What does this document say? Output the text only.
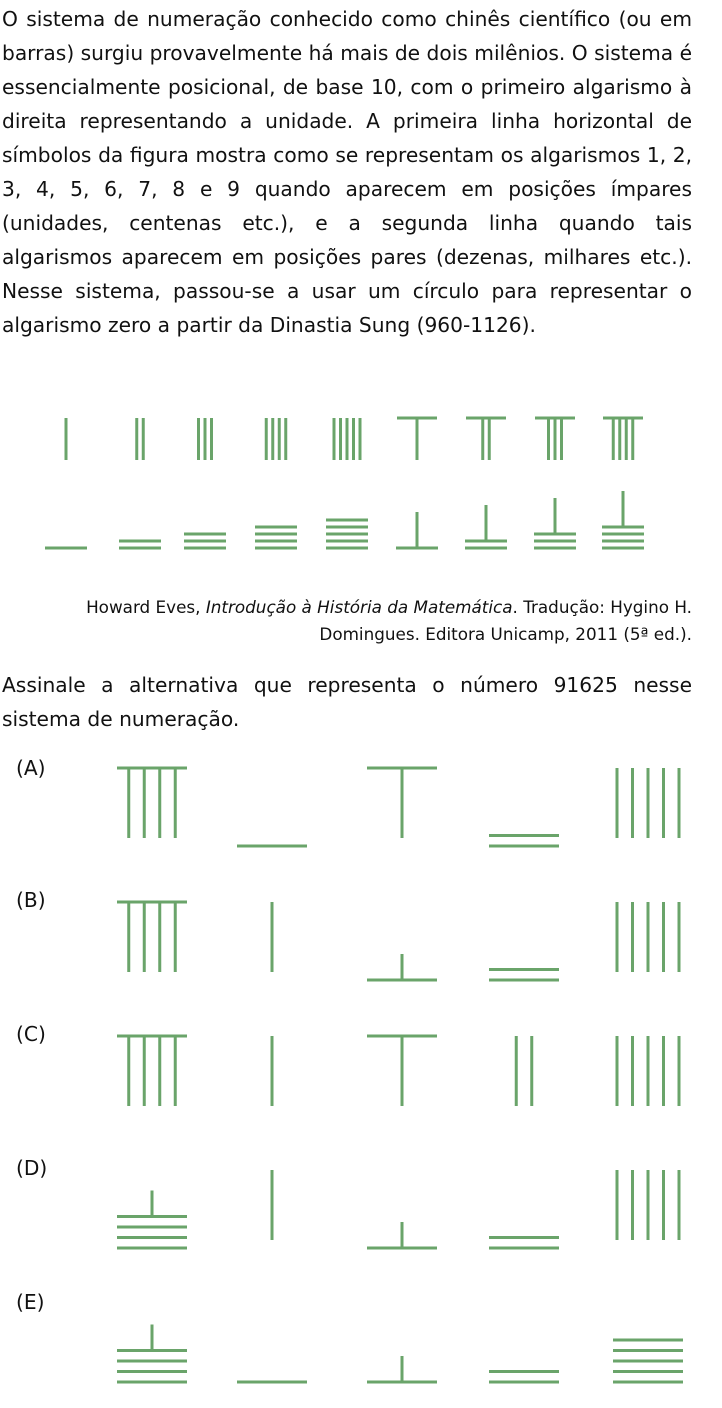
O sistema de numeração conhecido como chinês científico (ou em barras) surgiu provavelmente há mais de dois milênios. O sistema é essencialmente posicional, de base 10, com o primeiro algarismo à direita representando a unidade. A primeira linha horizontal de símbolos da figura mostra como se representam os algarismos 1, 2, 3, 4, 5, 6, 7, 8 e 9 quando aparecem em posições ímpares (unidades, centenas etc.), e a segunda linha quando tais algarismos aparecem em posições pares (dezenas, milhares etc.). Nesse sistema, passou-se a usar um círculo para representar o algarismo zero a partir da Dinastia Sung (960-1126).

Howard Eves, Introdução à História da Matemática. Tradução: Hygino H. Domingues. Editora Unicamp, 2011 (5ª ed.).

Assinale a alternativa que representa o número 91625 nesse sistema de numeração.

(A)
(B)
(C)
(D)
(E)
